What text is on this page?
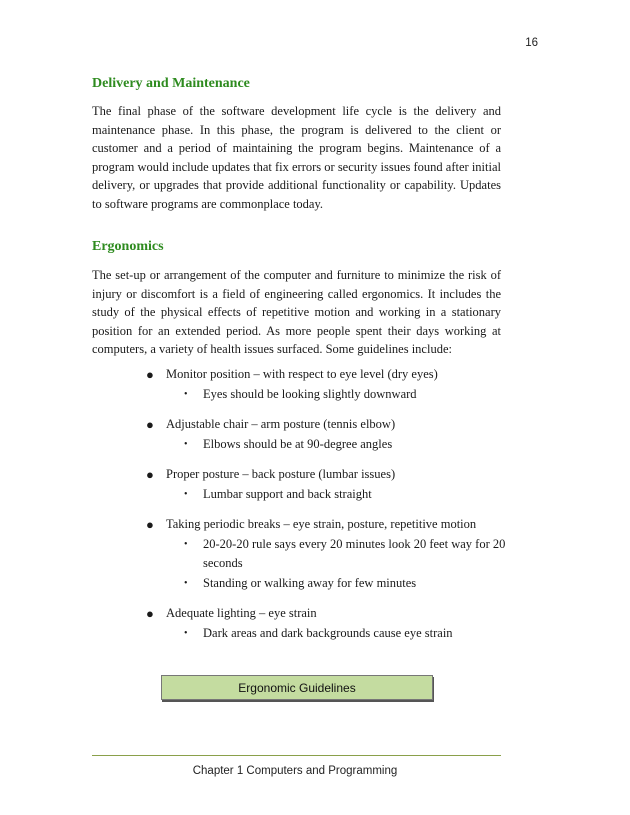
16
Delivery and Maintenance

The final phase of the software development life cycle is the delivery and maintenance phase. In this phase, the program is delivered to the client or customer and a period of maintaining the program begins. Maintenance of a program would include updates that fix errors or security issues found after initial delivery, or upgrades that provide additional functionality or capability. Updates to software programs are commonplace today.

Ergonomics

The set-up or arrangement of the computer and furniture to minimize the risk of injury or discomfort is a field of engineering called ergonomics. It includes the study of the physical effects of repetitive motion and working in a stationary position for an extended period. As more people spent their days working at computers, a variety of health issues surfaced. Some guidelines include:

● Monitor position – with respect to eye level (dry eyes)
• Eyes should be looking slightly downward
● Adjustable chair – arm posture (tennis elbow)
• Elbows should be at 90-degree angles
● Proper posture – back posture (lumbar issues)
• Lumbar support and back straight
● Taking periodic breaks – eye strain, posture, repetitive motion
• 20-20-20 rule says every 20 minutes look 20 feet way for 20 seconds
• Standing or walking away for few minutes
● Adequate lighting – eye strain
• Dark areas and dark backgrounds cause eye strain
Ergonomic Guidelines
Chapter 1 Computers and Programming
